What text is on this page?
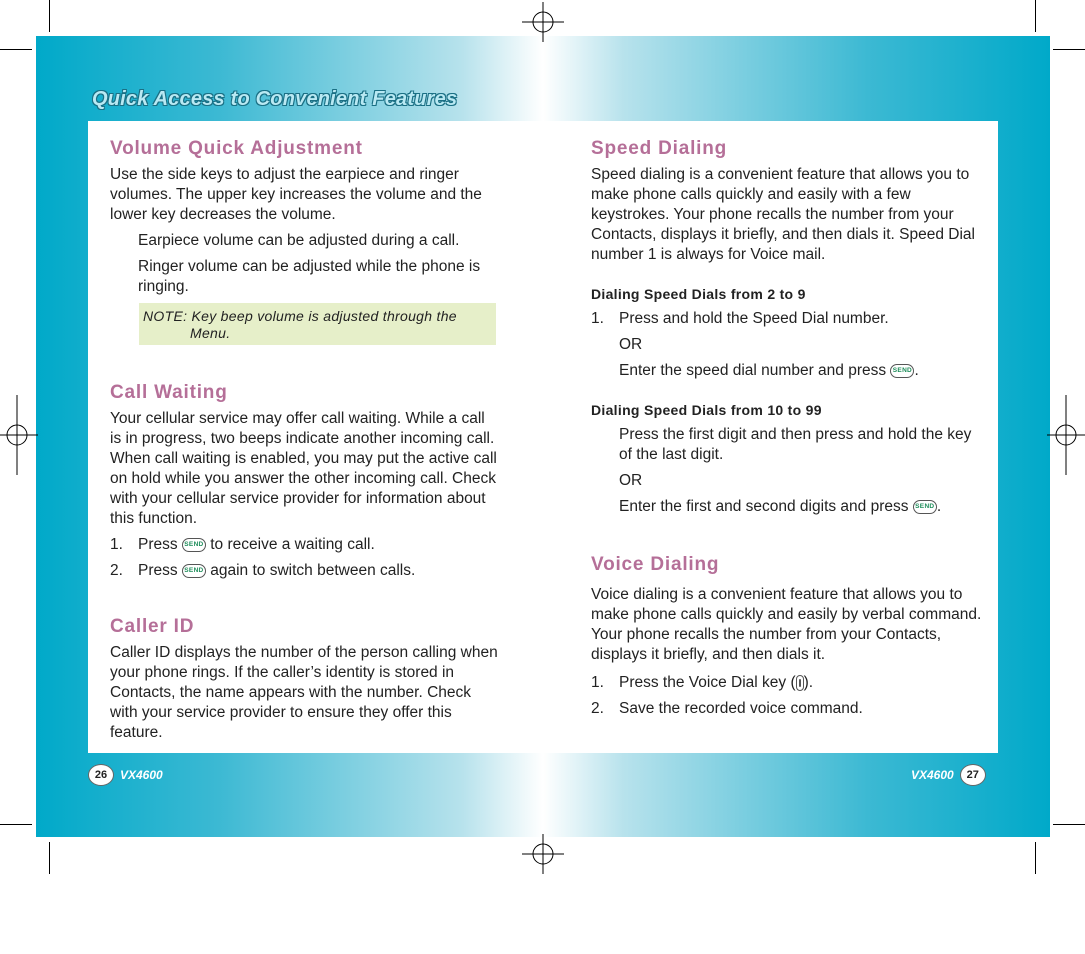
Quick Access to Convenient Features
Volume Quick Adjustment

Use the side keys to adjust the earpiece and ringer volumes. The upper key increases the volume and the lower key decreases the volume.

Earpiece volume can be adjusted during a call.

Ringer volume can be adjusted while the phone is ringing.

NOTE: Key beep volume is adjusted through the
Menu.
Call Waiting

Your cellular service may offer call waiting. While a call is in progress, two beeps indicate another incoming call. When call waiting is enabled, you may put the active call on hold while you answer the other incoming call. Check with your cellular service provider for information about this function.

1. Press SEND to receive a waiting call.
2. Press SEND again to switch between calls.
Caller ID

Caller ID displays the number of the person calling when your phone rings. If the caller’s identity is stored in Contacts, the name appears with the number. Check with your service provider to ensure they offer this feature.

Speed Dialing

Speed dialing is a convenient feature that allows you to make phone calls quickly and easily with a few keystrokes. Your phone recalls the number from your Contacts, displays it briefly, and then dials it. Speed Dial number 1 is always for Voice mail.

Dialing Speed Dials from 2 to 9
1. Press and hold the Speed Dial number.

OR

Enter the speed dial number and press SEND .

Dialing Speed Dials from 10 to 99

Press the first digit and then press and hold the key of the last digit.

OR

Enter the first and second digits and press SEND .

Voice Dialing

Voice dialing is a convenient feature that allows you to make phone calls quickly and easily by verbal command. Your phone recalls the number from your Contacts, displays it briefly, and then dials it.

1. Press the Voice Dial key ( ).
2. Save the recorded voice command.
26	VX4600	VX4600	27
